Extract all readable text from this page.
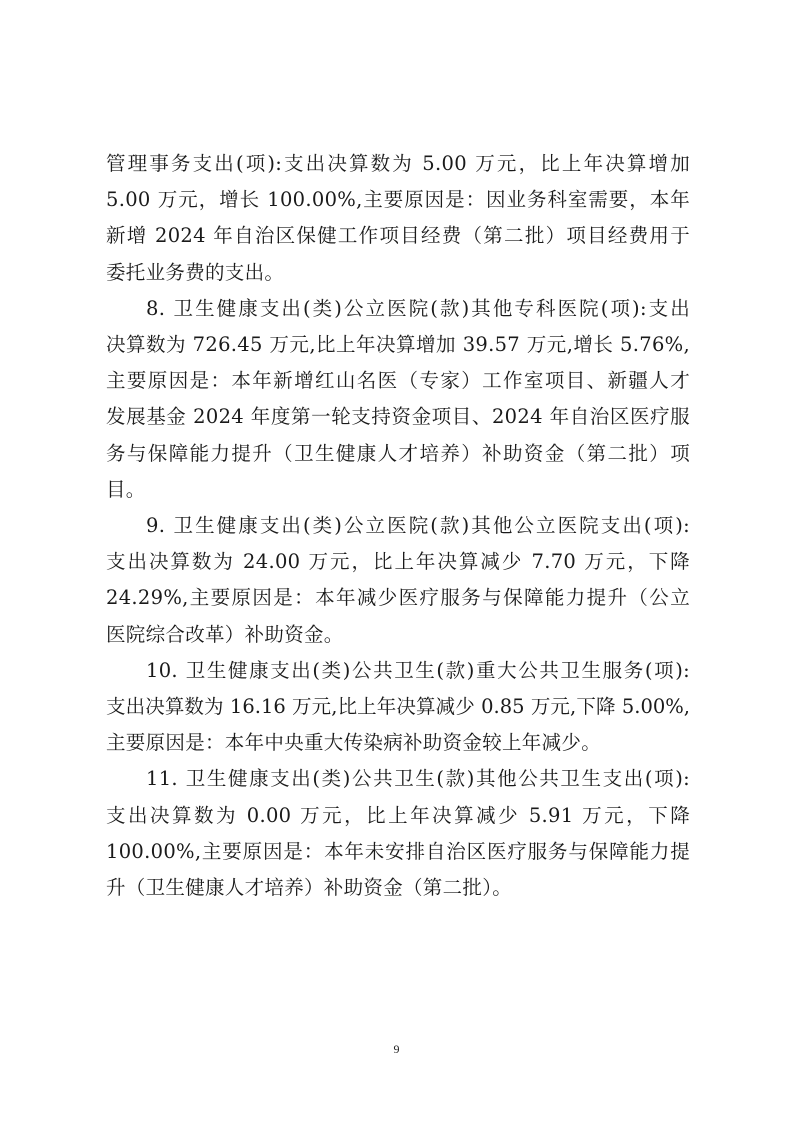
管理事务支出(项):支出决算数为 5.00 万元，比上年决算增加
5.00 万元，增长 100.00%,主要原因是：因业务科室需要，本年
新增 2024 年自治区保健工作项目经费（第二批）项目经费用于
委托业务费的支出。

8. 卫生健康支出(类)公立医院(款)其他专科医院(项):支出
决算数为 726.45 万元,比上年决算增加 39.57 万元,增长 5.76%,
主要原因是：本年新增红山名医（专家）工作室项目、新疆人才
发展基金 2024 年度第一轮支持资金项目、2024 年自治区医疗服
务与保障能力提升（卫生健康人才培养）补助资金（第二批）项
目。

9. 卫生健康支出(类)公立医院(款)其他公立医院支出(项):
支出决算数为 24.00 万元，比上年决算减少 7.70 万元，下降
24.29%,主要原因是：本年减少医疗服务与保障能力提升（公立
医院综合改革）补助资金。

10. 卫生健康支出(类)公共卫生(款)重大公共卫生服务(项):
支出决算数为 16.16 万元,比上年决算减少 0.85 万元,下降 5.00%,
主要原因是：本年中央重大传染病补助资金较上年减少。

11. 卫生健康支出(类)公共卫生(款)其他公共卫生支出(项):
支出决算数为 0.00 万元，比上年决算减少 5.91 万元，下降
100.00%,主要原因是：本年未安排自治区医疗服务与保障能力提
升（卫生健康人才培养）补助资金（第二批）。

9
